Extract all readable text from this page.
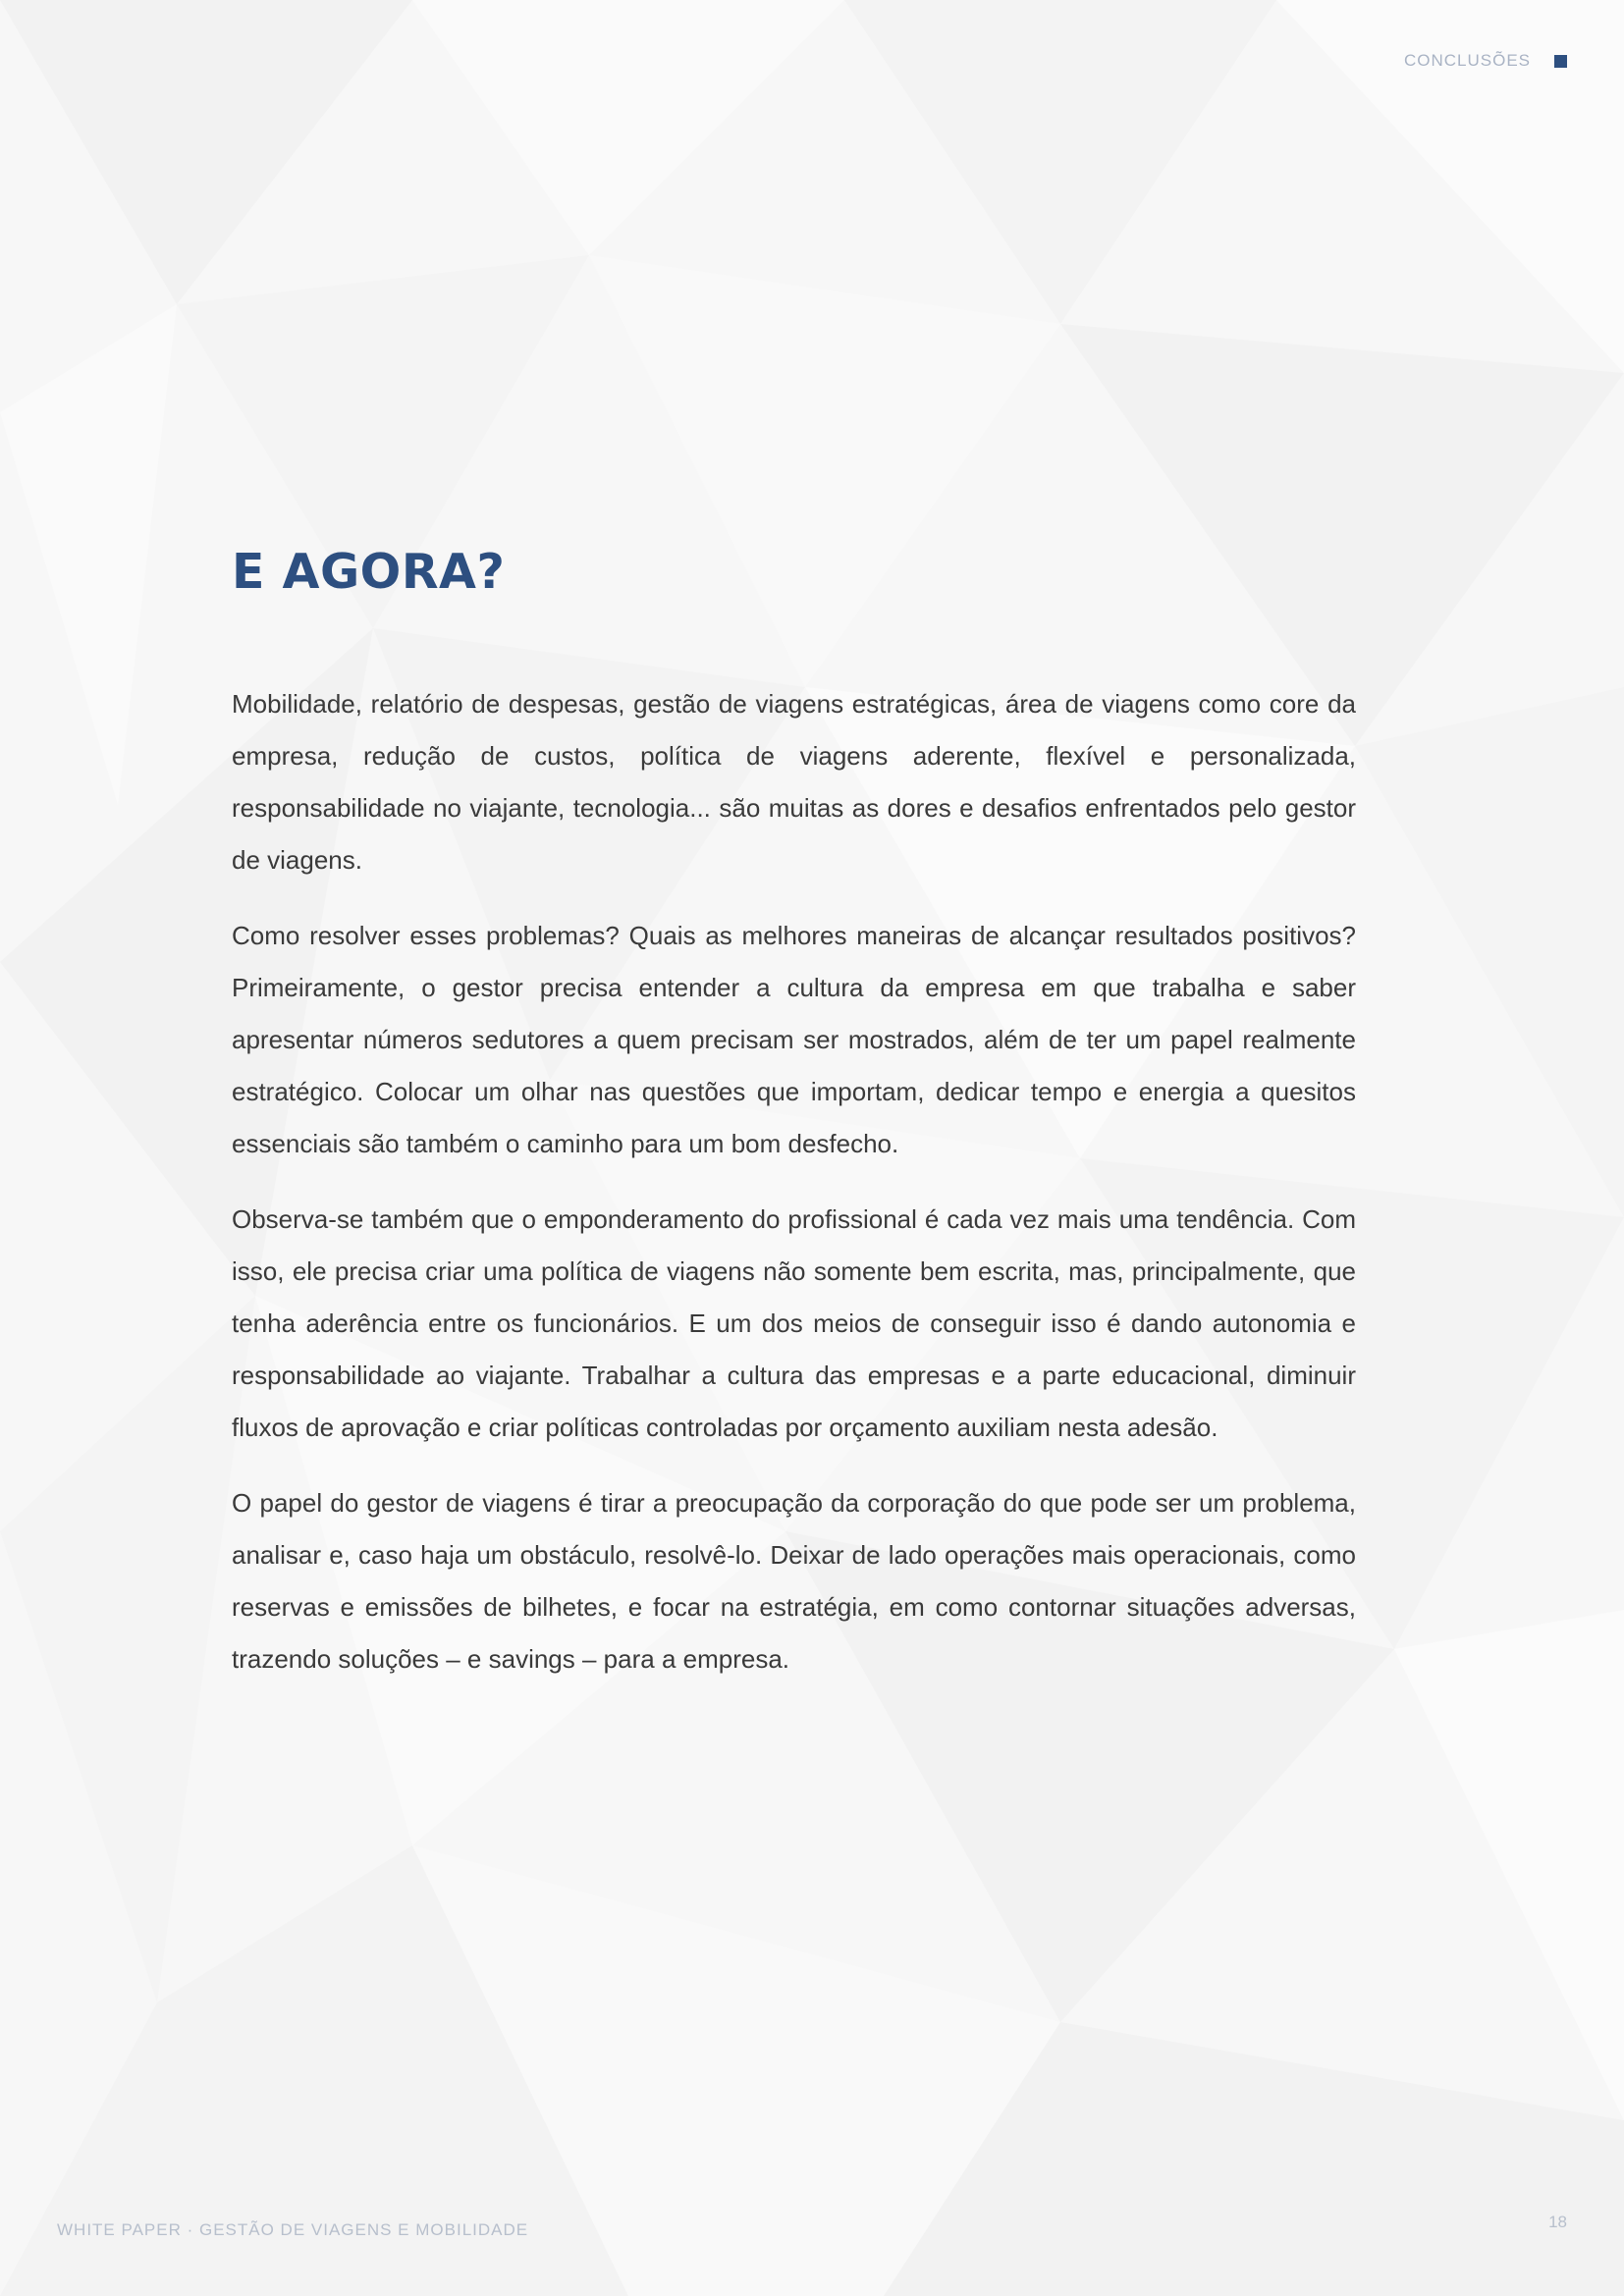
CONCLUSÕES
E AGORA?

Mobilidade, relatório de despesas, gestão de viagens estratégicas, área de viagens como core da empresa, redução de custos, política de viagens aderente, flexível e personalizada, responsabilidade no viajante, tecnologia... são muitas as dores e desafios enfrentados pelo gestor de viagens.

Como resolver esses problemas? Quais as melhores maneiras de alcançar resultados positivos? Primeiramente, o gestor precisa entender a cultura da empresa em que trabalha e saber apresentar números sedutores a quem precisam ser mostrados, além de ter um papel realmente estratégico. Colocar um olhar nas questões que importam, dedicar tempo e energia a quesitos essenciais são também o caminho para um bom desfecho.

Observa-se também que o emponderamento do profissional é cada vez mais uma tendência. Com isso, ele precisa criar uma política de viagens não somente bem escrita, mas, principalmente, que tenha aderência entre os funcionários. E um dos meios de conseguir isso é dando autonomia e responsabilidade ao viajante. Trabalhar a cultura das empresas e a parte educacional, diminuir fluxos de aprovação e criar políticas controladas por orçamento auxiliam nesta adesão.

O papel do gestor de viagens é tirar a preocupação da corporação do que pode ser um problema, analisar e, caso haja um obstáculo, resolvê-lo. Deixar de lado operações mais operacionais, como reservas e emissões de bilhetes, e focar na estratégia, em como contornar situações adversas, trazendo soluções – e savings – para a empresa.

WHITE PAPER · GESTÃO DE VIAGENS E MOBILIDADE	18
